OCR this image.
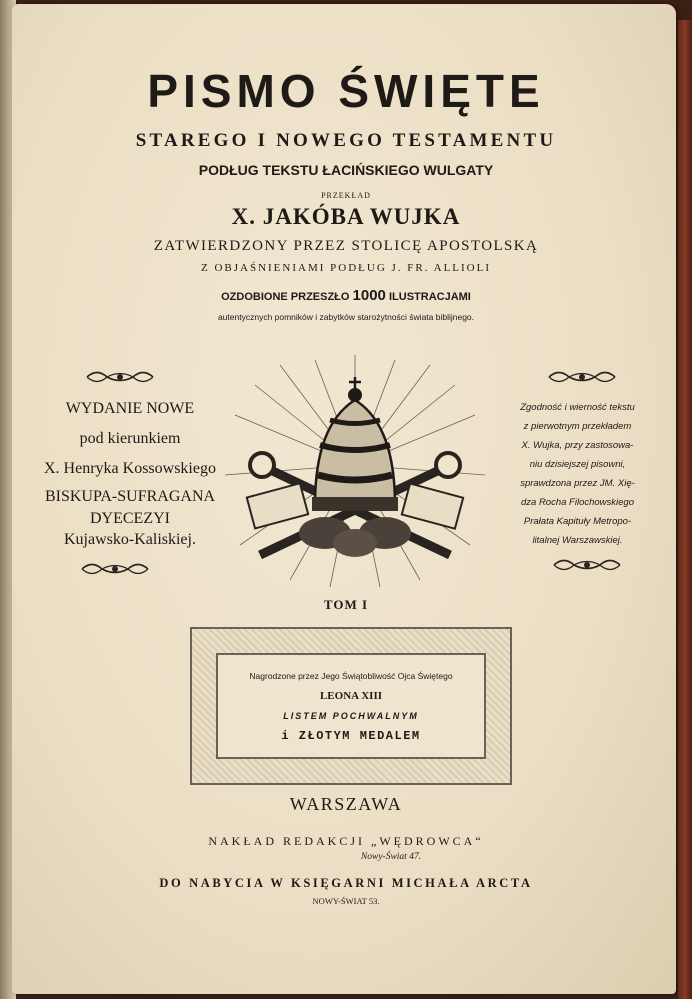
PISMO ŚWIĘTE
STAREGO I NOWEGO TESTAMENTU
PODŁUG TEKSTU ŁACIŃSKIEGO WULGATY
PRZEKŁAD
X. JAKÓBA WUJKA
ZATWIERDZONY PRZEZ STOLICĘ APOSTOLSKĄ
Z OBJAŚNIENIAMI PODŁUG J. FR. ALLIOLI
OZDOBIONE PRZESZŁO 1000 ILUSTRACJAMI
autentycznych pomników i zabytków starożytności świata biblijnego.
WYDANIE NOWE
pod kierunkiem
X. Henryka Kossowskiego
BISKUPA-SUFRAGANA
DYECEZYI
Kujawsko-Kaliskiej.
Zgodność i wierność tekstu
z pierwotnym przekładem
X. Wujka, przy zastosowa-
niu dzisiejszej pisowni,
sprawdzona przez JM. Xię-
dza Rocha Filochowskiego
Prałata Kapituły Metropo-
litalnej Warszawskiej.
TOM I
Nagrodzone przez Jego Świątobliwość Ojca Świętego
LEONA XIII
LISTEM POCHWALNYM
i ZŁOTYM MEDALEM
WARSZAWA
NAKŁAD REDAKCJI „WĘDROWCA“
Nowy-Świat 47.
DO NABYCIA W KSIĘGARNI MICHAŁA ARCTA
NOWY-ŚWIAT 53.
